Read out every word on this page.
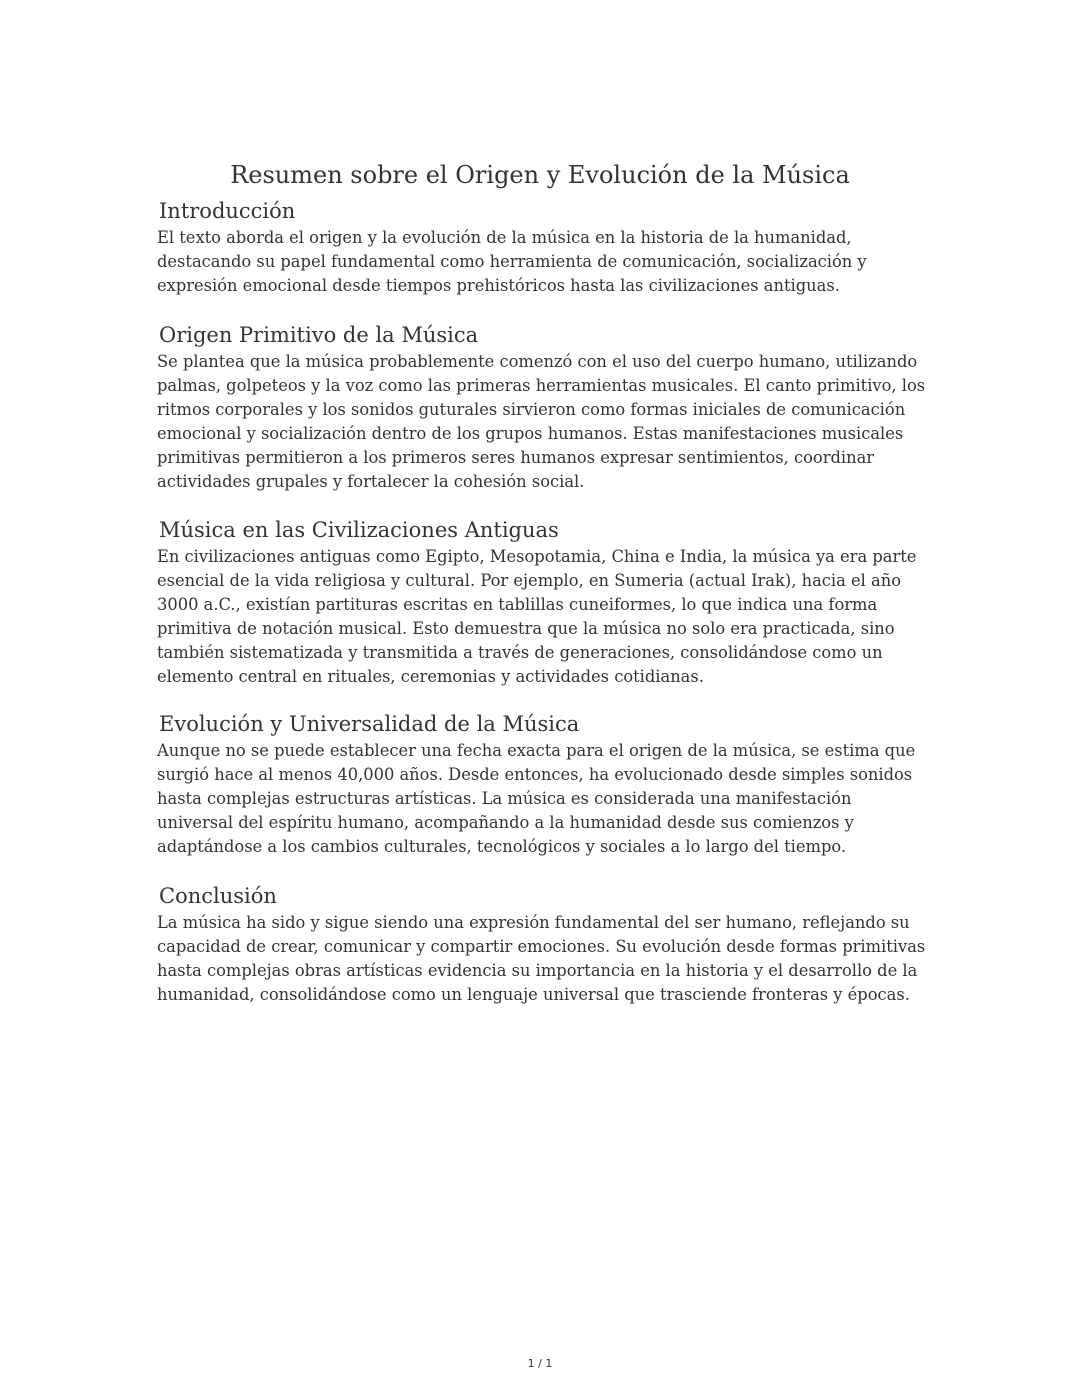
Resumen sobre el Origen y Evolución de la Música
Introducción

El texto aborda el origen y la evolución de la música en la historia de la humanidad, destacando su papel fundamental como herramienta de comunicación, socialización y expresión emocional desde tiempos prehistóricos hasta las civilizaciones antiguas.

Origen Primitivo de la Música

Se plantea que la música probablemente comenzó con el uso del cuerpo humano, utilizando palmas, golpeteos y la voz como las primeras herramientas musicales. El canto primitivo, los ritmos corporales y los sonidos guturales sirvieron como formas iniciales de comunicación emocional y socialización dentro de los grupos humanos. Estas manifestaciones musicales primitivas permitieron a los primeros seres humanos expresar sentimientos, coordinar actividades grupales y fortalecer la cohesión social.

Música en las Civilizaciones Antiguas

En civilizaciones antiguas como Egipto, Mesopotamia, China e India, la música ya era parte esencial de la vida religiosa y cultural. Por ejemplo, en Sumeria (actual Irak), hacia el año 3000 a.C., existían partituras escritas en tablillas cuneiformes, lo que indica una forma primitiva de notación musical. Esto demuestra que la música no solo era practicada, sino también sistematizada y transmitida a través de generaciones, consolidándose como un elemento central en rituales, ceremonias y actividades cotidianas.

Evolución y Universalidad de la Música

Aunque no se puede establecer una fecha exacta para el origen de la música, se estima que surgió hace al menos 40,000 años. Desde entonces, ha evolucionado desde simples sonidos hasta complejas estructuras artísticas. La música es considerada una manifestación universal del espíritu humano, acompañando a la humanidad desde sus comienzos y adaptándose a los cambios culturales, tecnológicos y sociales a lo largo del tiempo.

Conclusión

La música ha sido y sigue siendo una expresión fundamental del ser humano, reflejando su capacidad de crear, comunicar y compartir emociones. Su evolución desde formas primitivas hasta complejas obras artísticas evidencia su importancia en la historia y el desarrollo de la humanidad, consolidándose como un lenguaje universal que trasciende fronteras y épocas.

1 / 1
